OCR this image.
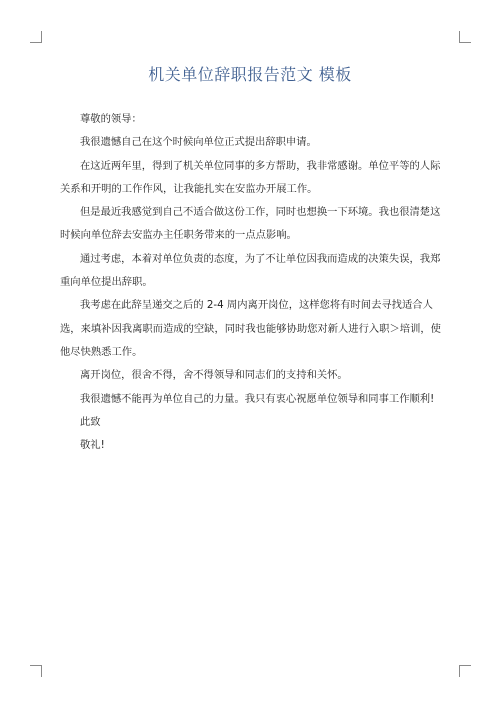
机关单位辞职报告范文 模板

尊敬的领导：

我很遗憾自己在这个时候向单位正式提出辞职申请。

在这近两年里，得到了机关单位同事的多方帮助，我非常感谢。单位平等的人际关系和开明的工作作风，让我能扎实在安监办开展工作。

但是最近我感觉到自己不适合做这份工作，同时也想换一下环境。我也很清楚这时候向单位辞去安监办主任职务带来的一点点影响。

通过考虑，本着对单位负责的态度，为了不让单位因我而造成的决策失误，我郑重向单位提出辞职。

我考虑在此辞呈递交之后的 2-4 周内离开岗位，这样您将有时间去寻找适合人选，来填补因我离职而造成的空缺，同时我也能够协助您对新人进行入职＞培训，使他尽快熟悉工作。

离开岗位，很舍不得，舍不得领导和同志们的支持和关怀。

我很遗憾不能再为单位自己的力量。我只有衷心祝愿单位领导和同事工作顺利!

此致

敬礼!
